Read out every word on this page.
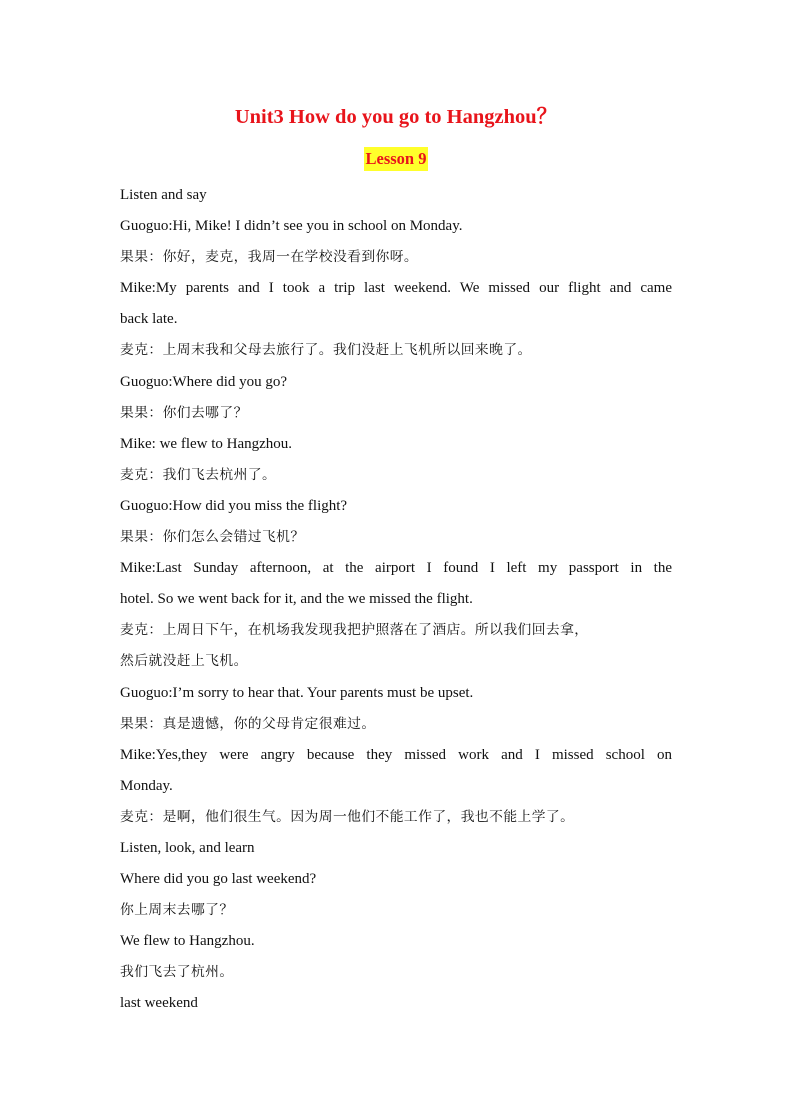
Unit3 How do you go to Hangzhou？
Lesson 9
Listen and say
Guoguo:Hi, Mike! I didn’t see you in school on Monday.
果果：你好，麦克，我周一在学校没看到你呀。
Mike:My parents and I took a trip last weekend. We missed our flight and came
back late.
麦克：上周末我和父母去旅行了。我们没赶上飞机所以回来晚了。
Guoguo:Where did you go?
果果：你们去哪了？
Mike: we flew to Hangzhou.
麦克：我们飞去杭州了。
Guoguo:How did you miss the flight?
果果：你们怎么会错过飞机？
Mike:Last Sunday afternoon, at the airport I found I left my passport in the
hotel. So we went back for it, and the we missed the flight.
麦克：上周日下午，在机场我发现我把护照落在了酒店。所以我们回去拿，
然后就没赶上飞机。
Guoguo:I’m sorry to hear that. Your parents must be upset.
果果：真是遗憾，你的父母肯定很难过。
Mike:Yes,they were angry because they missed work and I missed school on
Monday.
麦克：是啊，他们很生气。因为周一他们不能工作了，我也不能上学了。
Listen, look, and learn
Where did you go last weekend?
你上周末去哪了？
We flew to Hangzhou.
我们飞去了杭州。
last weekend
